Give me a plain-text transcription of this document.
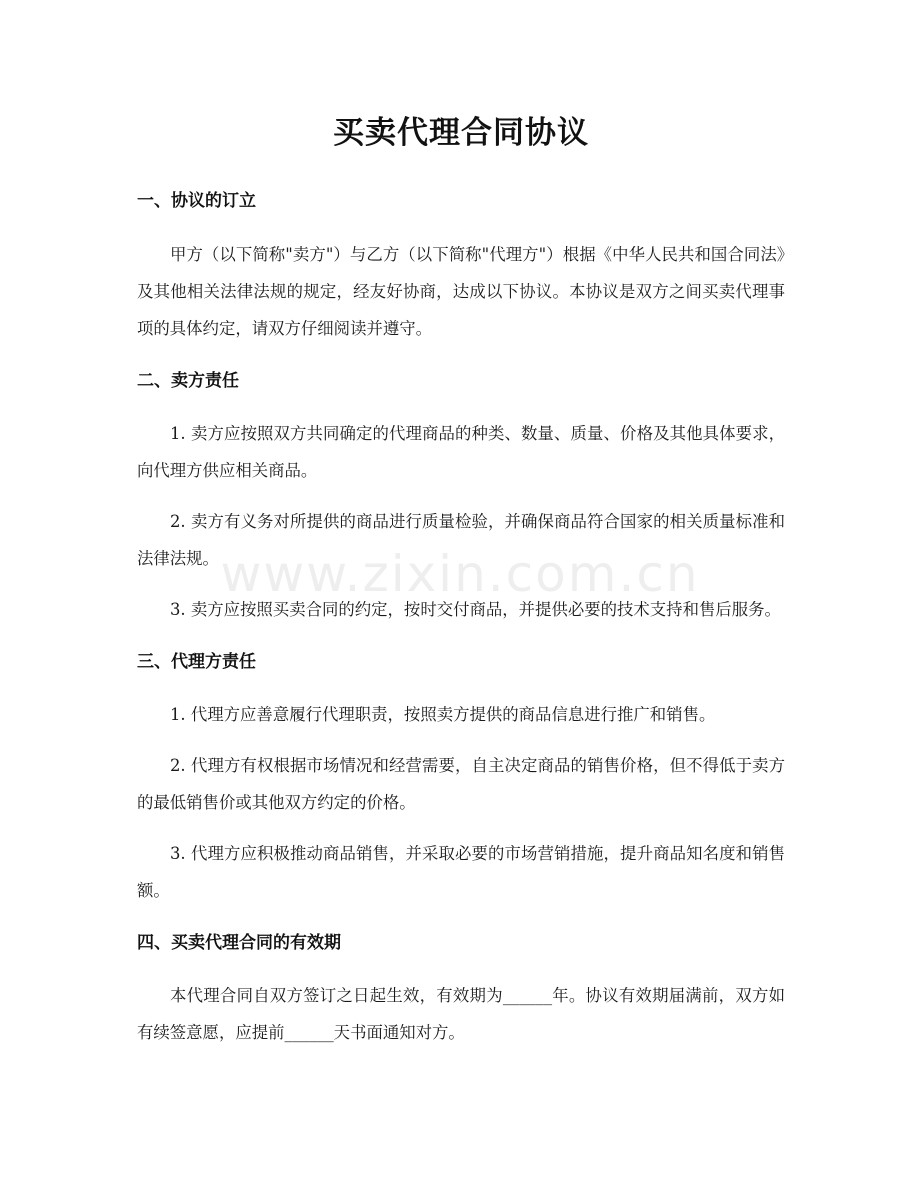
www.zixin.com.cn
买卖代理合同协议
一、协议的订立

甲方（以下简称"卖方"）与乙方（以下简称"代理方"）根据《中华人民共和国合同法》及其他相关法律法规的规定，经友好协商，达成以下协议。本协议是双方之间买卖代理事项的具体约定，请双方仔细阅读并遵守。

二、卖方责任

1. 卖方应按照双方共同确定的代理商品的种类、数量、质量、价格及其他具体要求，向代理方供应相关商品。

2. 卖方有义务对所提供的商品进行质量检验，并确保商品符合国家的相关质量标准和法律法规。

3. 卖方应按照买卖合同的约定，按时交付商品，并提供必要的技术支持和售后服务。

三、代理方责任

1. 代理方应善意履行代理职责，按照卖方提供的商品信息进行推广和销售。

2. 代理方有权根据市场情况和经营需要，自主决定商品的销售价格，但不得低于卖方的最低销售价或其他双方约定的价格。

3. 代理方应积极推动商品销售，并采取必要的市场营销措施，提升商品知名度和销售额。

四、买卖代理合同的有效期

本代理合同自双方签订之日起生效，有效期为______年。协议有效期届满前，双方如有续签意愿，应提前______天书面通知对方。
